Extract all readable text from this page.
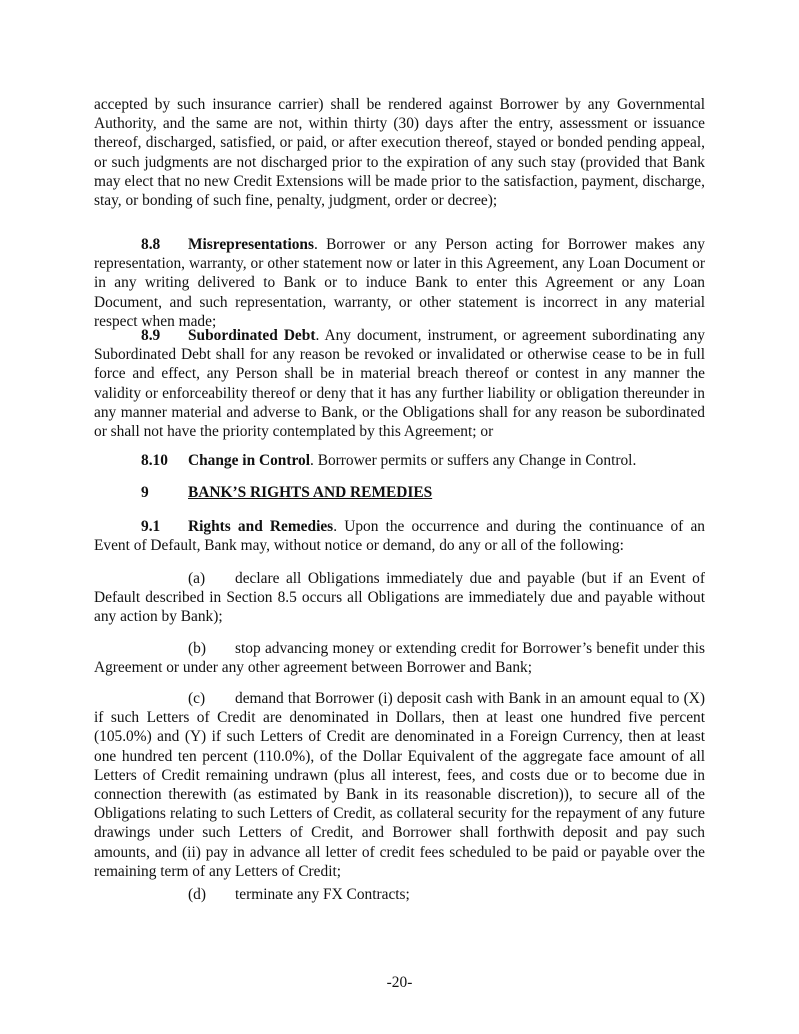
accepted by such insurance carrier) shall be rendered against Borrower by any Governmental Authority, and the same are not, within thirty (30) days after the entry, assessment or issuance thereof, discharged, satisfied, or paid, or after execution thereof, stayed or bonded pending appeal, or such judgments are not discharged prior to the expiration of any such stay (provided that Bank may elect that no new Credit Extensions will be made prior to the satisfaction, payment, discharge, stay, or bonding of such fine, penalty, judgment, order or decree);

8.8 Misrepresentations. Borrower or any Person acting for Borrower makes any representation, warranty, or other statement now or later in this Agreement, any Loan Document or in any writing delivered to Bank or to induce Bank to enter this Agreement or any Loan Document, and such representation, warranty, or other statement is incorrect in any material respect when made;

8.9 Subordinated Debt. Any document, instrument, or agreement subordinating any Subordinated Debt shall for any reason be revoked or invalidated or otherwise cease to be in full force and effect, any Person shall be in material breach thereof or contest in any manner the validity or enforceability thereof or deny that it has any further liability or obligation thereunder in any manner material and adverse to Bank, or the Obligations shall for any reason be subordinated or shall not have the priority contemplated by this Agreement; or

8.10 Change in Control. Borrower permits or suffers any Change in Control.

9	BANK’S RIGHTS AND REMEDIES

9.1 Rights and Remedies. Upon the occurrence and during the continuance of an Event of Default, Bank may, without notice or demand, do any or all of the following:

(a) declare all Obligations immediately due and payable (but if an Event of Default described in Section 8.5 occurs all Obligations are immediately due and payable without any action by Bank);

(b) stop advancing money or extending credit for Borrower’s benefit under this Agreement or under any other agreement between Borrower and Bank;

(c) demand that Borrower (i) deposit cash with Bank in an amount equal to (X) if such Letters of Credit are denominated in Dollars, then at least one hundred five percent (105.0%) and (Y) if such Letters of Credit are denominated in a Foreign Currency, then at least one hundred ten percent (110.0%), of the Dollar Equivalent of the aggregate face amount of all Letters of Credit remaining undrawn (plus all interest, fees, and costs due or to become due in connection therewith (as estimated by Bank in its reasonable discretion)), to secure all of the Obligations relating to such Letters of Credit, as collateral security for the repayment of any future drawings under such Letters of Credit, and Borrower shall forthwith deposit and pay such amounts, and (ii) pay in advance all letter of credit fees scheduled to be paid or payable over the remaining term of any Letters of Credit;

(d) terminate any FX Contracts;

-20-
